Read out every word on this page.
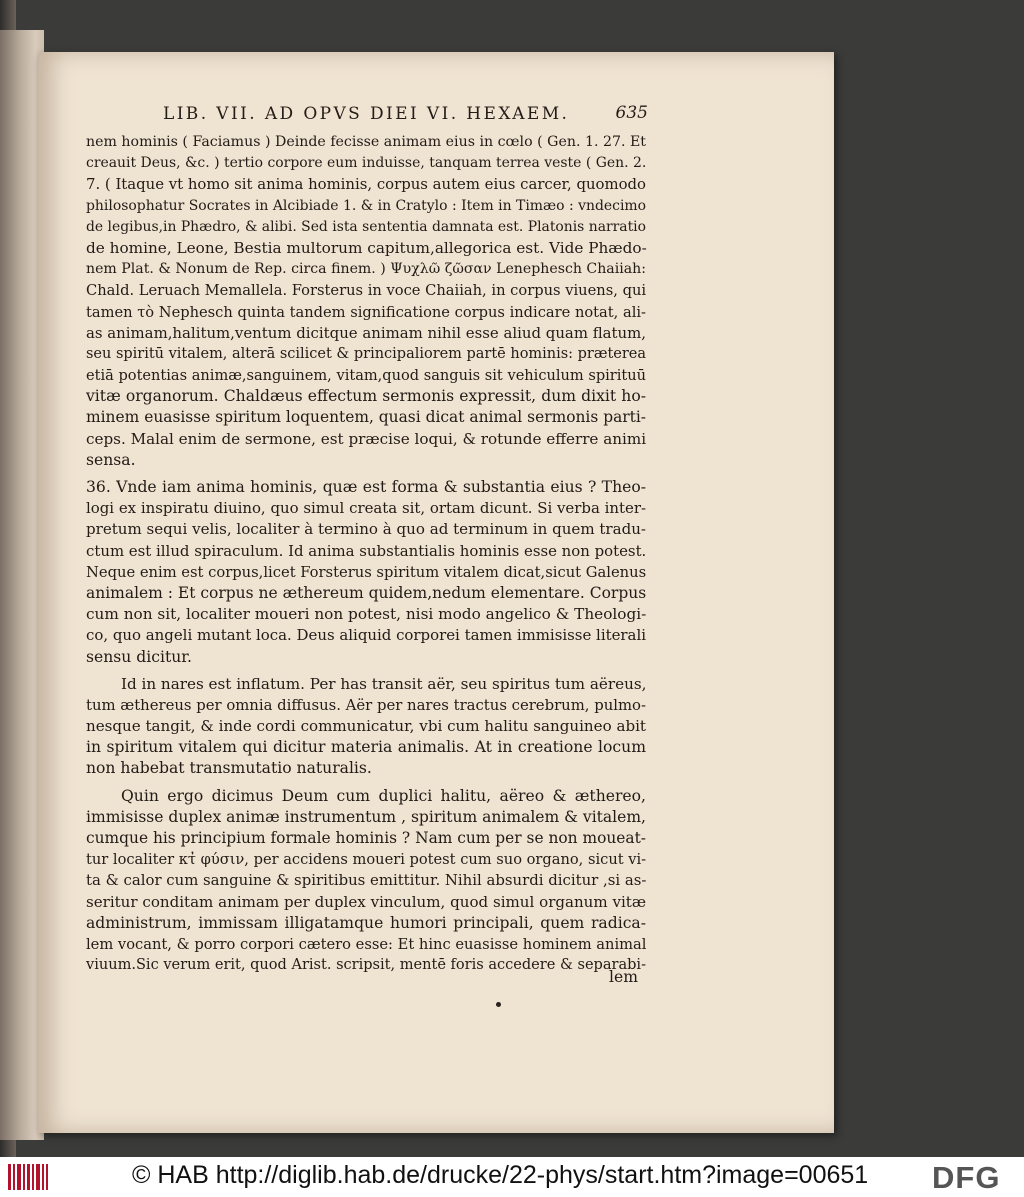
LIB. VII. AD OPVS DIEI VI. HEXAEM.	635
nem hominis ( Faciamus ) Deinde fecisse animam eius in cœlo ( Gen. 1. 27. Et
creauit Deus, &c. ) tertio corpore eum induisse, tanquam terrea veste ( Gen. 2.
7. ( Itaque vt homo sit anima hominis, corpus autem eius carcer, quomodo
philosophatur Socrates in Alcibiade 1. & in Cratylo : Item in Timæo : vndecimo
de legibus,in Phædro, & alibi. Sed ista sententia damnata est. Platonis narratio
de homine, Leone, Bestia multorum capitum,allegorica est. Vide Phædo-
nem Plat. & Nonum de Rep. circa finem. ) Ψυχλῶ ζῶσαν Lenephesch Chaiiah:
Chald. Leruach Memallela. Forsterus in voce Chaiiah, in corpus viuens, qui
tamen τὸ Nephesch quinta tandem significatione corpus indicare notat, ali-
as animam,halitum,ventum dicitque animam nihil esse aliud quam flatum,
seu spiritū vitalem, alterā scilicet & principaliorem partē hominis: præterea
etiā potentias animæ,sanguinem, vitam,quod sanguis sit vehiculum spirituū
vitæ organorum. Chaldæus effectum sermonis expressit, dum dixit ho-
minem euasisse spiritum loquentem, quasi dicat animal sermonis parti-
ceps. Malal enim de sermone, est præcise loqui, & rotunde efferre animi
sensa.
36. Vnde iam anima hominis, quæ est forma & substantia eius ? Theo-
logi ex inspiratu diuino, quo simul creata sit, ortam dicunt. Si verba inter-
pretum sequi velis, localiter à termino à quo ad terminum in quem tradu-
ctum est illud spiraculum. Id anima substantialis hominis esse non potest.
Neque enim est corpus,licet Forsterus spiritum vitalem dicat,sicut Galenus
animalem : Et corpus ne æthereum quidem,nedum elementare. Corpus
cum non sit, localiter moueri non potest, nisi modo angelico & Theologi-
co, quo angeli mutant loca. Deus aliquid corporei tamen immisisse literali
sensu dicitur.
Id in nares est inflatum. Per has transit aër, seu spiritus tum aëreus,
tum æthereus per omnia diffusus. Aër per nares tractus cerebrum, pulmo-
nesque tangit, & inde cordi communicatur, vbi cum halitu sanguineo abit
in spiritum vitalem qui dicitur materia animalis. At in creatione locum
non habebat transmutatio naturalis.
Quin ergo dicimus Deum cum duplici halitu, aëreo & æthereo,
immisisse duplex animæ instrumentum , spiritum animalem & vitalem,
cumque his principium formale hominis ? Nam cum per se non moueat-
tur localiter κτ̓ φύσιν, per accidens moueri potest cum suo organo, sicut vi-
ta & calor cum sanguine & spiritibus emittitur. Nihil absurdi dicitur ,si as-
seritur conditam animam per duplex vinculum, quod simul organum vitæ
administrum, immissam illigatamque humori principali, quem radica-
lem vocant, & porro corpori cætero esse: Et hinc euasisse hominem animal
viuum.Sic verum erit, quod Arist. scripsit, mentē foris accedere & separabi-
lem
© HAB http://diglib.hab.de/drucke/22-phys/start.htm?image=00651 DFG
